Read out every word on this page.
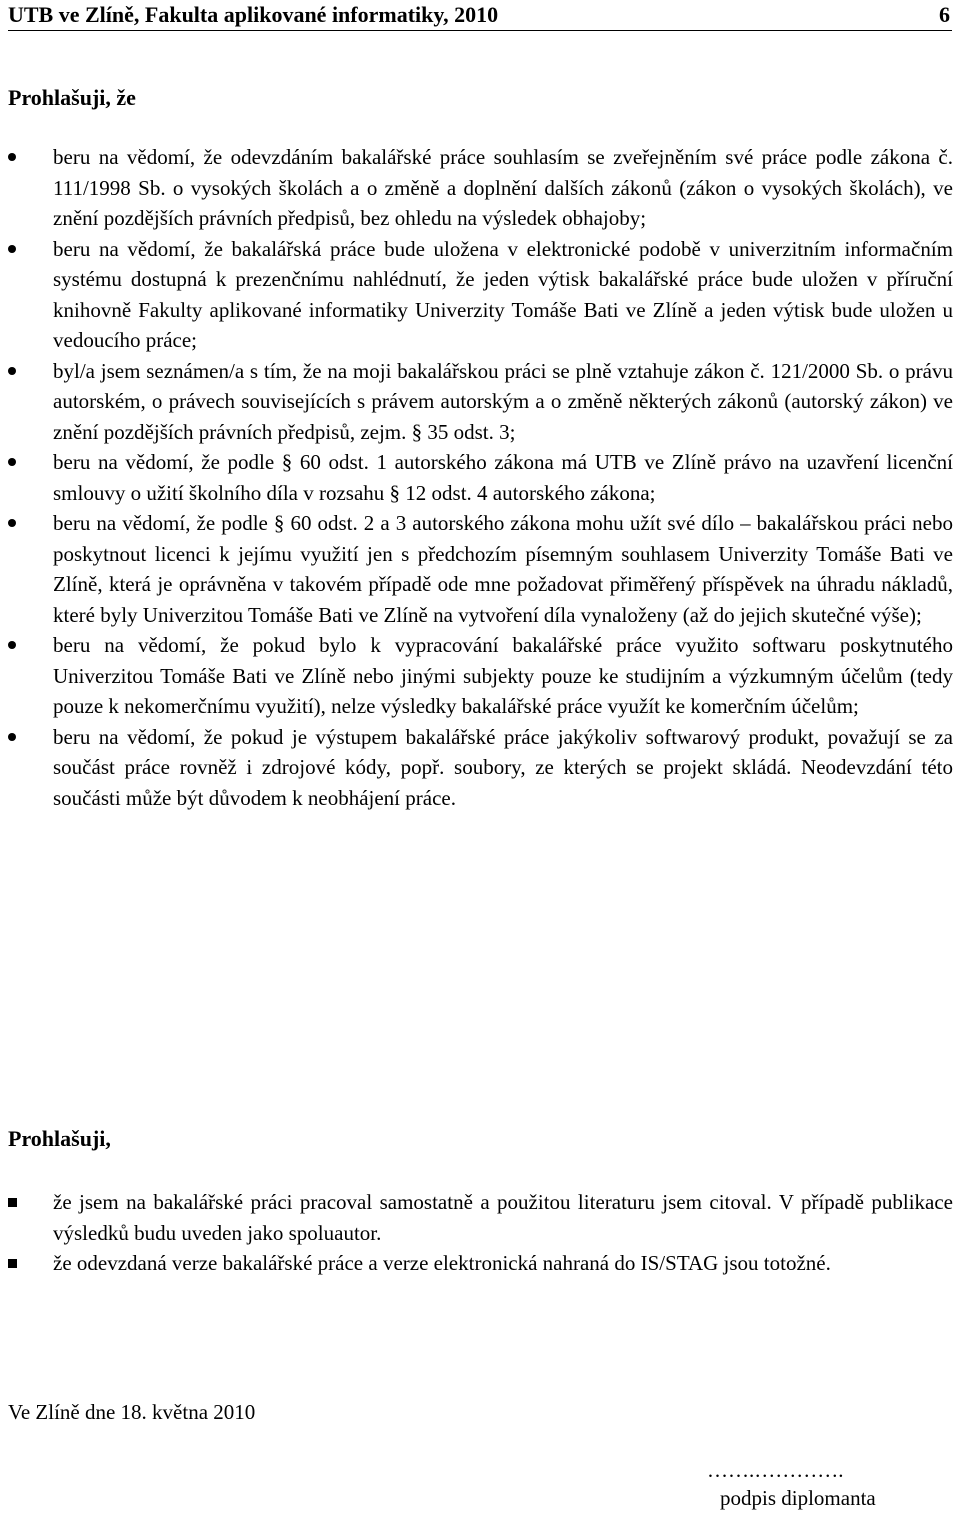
UTB ve Zlíně, Fakulta aplikované informatiky, 2010	6
Prohlašuji, že
beru na vědomí, že odevzdáním bakalářské práce souhlasím se zveřejněním své práce podle zákona č. 111/1998 Sb. o vysokých školách a o změně a doplnění dalších zákonů (zákon o vysokých školách), ve znění pozdějších právních předpisů, bez ohledu na výsledek obhajoby;
beru na vědomí, že bakalářská práce bude uložena v elektronické podobě v univerzitním informačním systému dostupná k prezenčnímu nahlédnutí, že jeden výtisk bakalářské práce bude uložen v příruční knihovně Fakulty aplikované informatiky Univerzity Tomáše Bati ve Zlíně a jeden výtisk bude uložen u vedoucího práce;
byl/a jsem seznámen/a s tím, že na moji bakalářskou práci se plně vztahuje zákon č. 121/2000 Sb. o právu autorském, o právech souvisejících s právem autorským a o změně některých zákonů (autorský zákon) ve znění pozdějších právních předpisů, zejm. § 35 odst. 3;
beru na vědomí, že podle § 60 odst. 1 autorského zákona má UTB ve Zlíně právo na uzavření licenční smlouvy o užití školního díla v rozsahu § 12 odst. 4 autorského zákona;
beru na vědomí, že podle § 60 odst. 2 a 3 autorského zákona mohu užít své dílo – bakalářskou práci nebo poskytnout licenci k jejímu využití jen s předchozím písemným souhlasem Univerzity Tomáše Bati ve Zlíně, která je oprávněna v takovém případě ode mne požadovat přiměřený příspěvek na úhradu nákladů, které byly Univerzitou Tomáše Bati ve Zlíně na vytvoření díla vynaloženy (až do jejich skutečné výše);
beru na vědomí, že pokud bylo k vypracování bakalářské práce využito softwaru poskytnutého Univerzitou Tomáše Bati ve Zlíně nebo jinými subjekty pouze ke studijním a výzkumným účelům (tedy pouze k nekomerčnímu využití), nelze výsledky bakalářské práce využít ke komerčním účelům;
beru na vědomí, že pokud je výstupem bakalářské práce jakýkoliv softwarový produkt, považují se za součást práce rovněž i zdrojové kódy, popř. soubory, ze kterých se projekt skládá. Neodevzdání této součásti může být důvodem k neobhájení práce.
Prohlašuji,
že jsem na bakalářské práci pracoval samostatně a použitou literaturu jsem citoval. V případě publikace výsledků budu uveden jako spoluautor.
že odevzdaná verze bakalářské práce a verze elektronická nahraná do IS/STAG jsou totožné.
Ve Zlíně dne 18. května 2010
…….………….
podpis diplomanta
